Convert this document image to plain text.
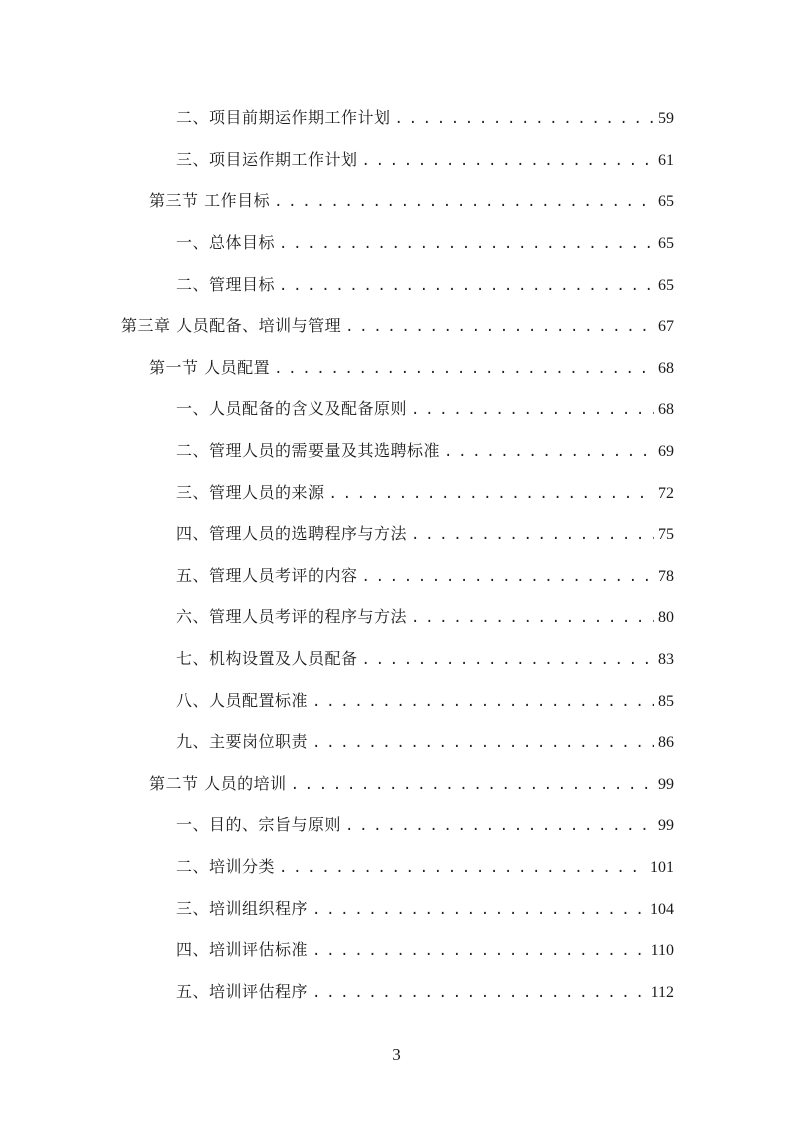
二、项目前期运作期工作计划 . . .	59
三、项目运作期工作计划 . . .	61
第三节 工作目标 . . .	65
一、总体目标 . . .	65
二、管理目标 . . .	65
第三章 人员配备、培训与管理 . . .	67
第一节 人员配置 . . .	68
一、人员配备的含义及配备原则 . . .	68
二、管理人员的需要量及其选聘标准 . . .	69
三、管理人员的来源 . . .	72
四、管理人员的选聘程序与方法 . . .	75
五、管理人员考评的内容 . . .	78
六、管理人员考评的程序与方法 . . .	80
七、机构设置及人员配备 . . .	83
八、人员配置标准 . . .	85
九、主要岗位职责 . . .	86
第二节 人员的培训 . . .	99
一、目的、宗旨与原则 . . .	99
二、培训分类 . . .	101
三、培训组织程序 . . .	104
四、培训评估标准 . . .	110
五、培训评估程序 . . .	112
3
